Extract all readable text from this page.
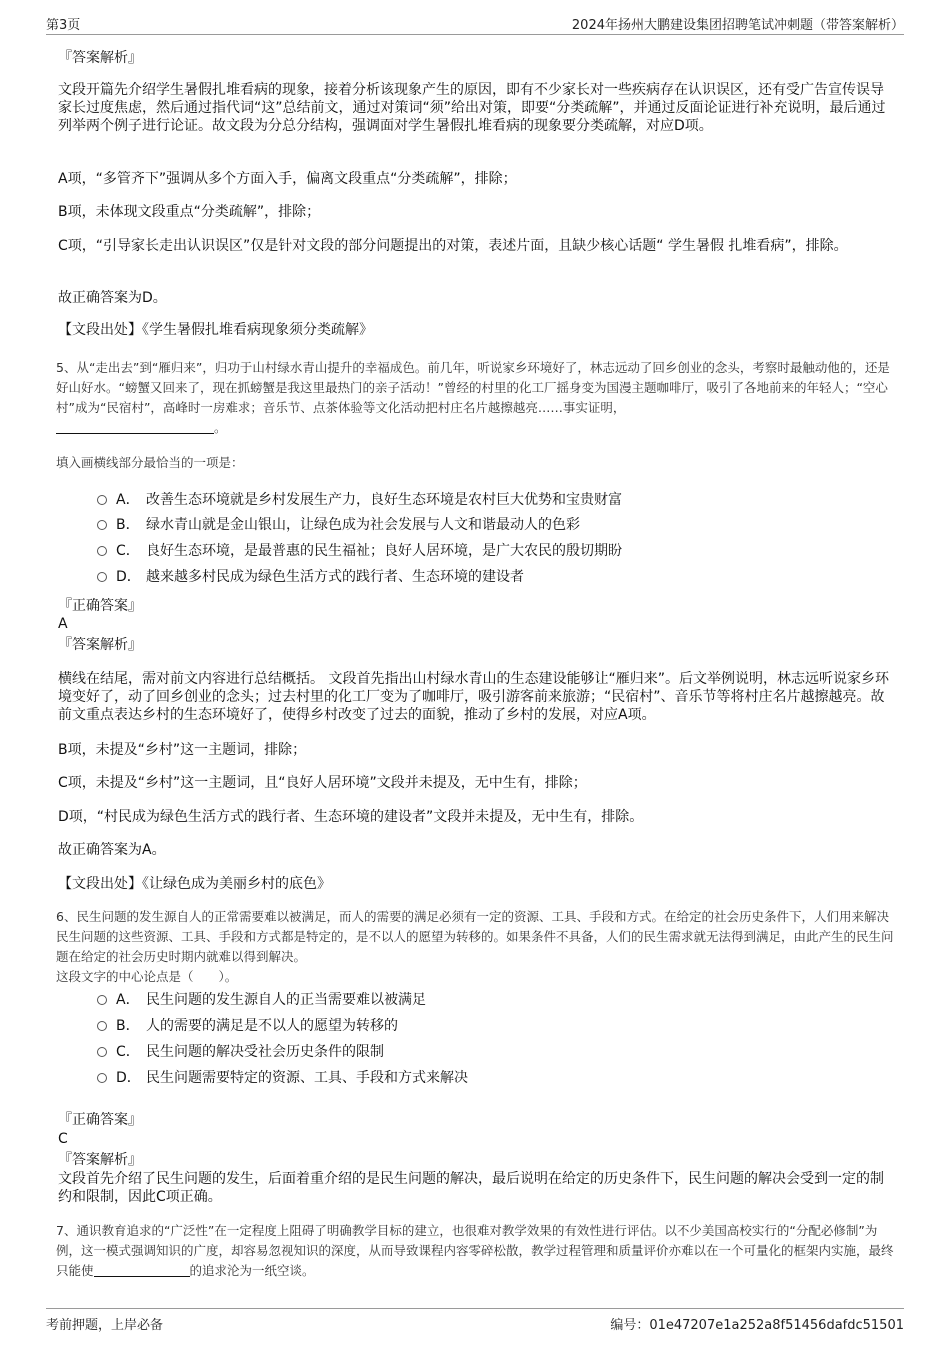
第3页	2024年扬州大鹏建设集团招聘笔试冲刺题（带答案解析）
『答案解析』
文段开篇先介绍学生暑假扎堆看病的现象，接着分析该现象产生的原因，即有不少家长对一些疾病存在认识误区，还有受广告宣传误导家长过度焦虑，然后通过指代词“这”总结前文，通过对策词“须”给出对策，即要“分类疏解”，并通过反面论证进行补充说明，最后通过列举两个例子进行论证。故文段为分总分结构，强调面对学生暑假扎堆看病的现象要分类疏解，对应D项。
A项，“多管齐下”强调从多个方面入手，偏离文段重点“分类疏解”，排除；
B项，未体现文段重点“分类疏解”，排除；
C项，“引导家长走出认识误区”仅是针对文段的部分问题提出的对策，表述片面，且缺少核心话题“ 学生暑假 扎堆看病”，排除。
故正确答案为D。
【文段出处】《学生暑假扎堆看病现象须分类疏解》
5、从“走出去”到“雁归来”，归功于山村绿水青山提升的幸福成色。前几年，听说家乡环境好了，林志远动了回乡创业的念头，考察时最触动他的，还是好山好水。“螃蟹又回来了，现在抓螃蟹是我这里最热门的亲子活动！”曾经的村里的化工厂摇身变为国漫主题咖啡厅，吸引了各地前来的年轻人；“空心村”成为“民宿村”，高峰时一房难求；音乐节、点茶体验等文化活动把村庄名片越擦越亮……事实证明，
。
填入画横线部分最恰当的一项是：
A． 改善生态环境就是乡村发展生产力，良好生态环境是农村巨大优势和宝贵财富
B． 绿水青山就是金山银山，让绿色成为社会发展与人文和谐最动人的色彩
C． 良好生态环境，是最普惠的民生福祉；良好人居环境，是广大农民的殷切期盼
D． 越来越多村民成为绿色生活方式的践行者、生态环境的建设者
『正确答案』
A
『答案解析』
横线在结尾，需对前文内容进行总结概括。 文段首先指出山村绿水青山的生态建设能够让“雁归来”。后文举例说明，林志远听说家乡环境变好了，动了回乡创业的念头；过去村里的化工厂变为了咖啡厅，吸引游客前来旅游；“民宿村”、音乐节等将村庄名片越擦越亮。故前文重点表达乡村的生态环境好了，使得乡村改变了过去的面貌，推动了乡村的发展，对应A项。
B项，未提及“乡村”这一主题词，排除；
C项，未提及“乡村”这一主题词，且“良好人居环境”文段并未提及，无中生有，排除；
D项，“村民成为绿色生活方式的践行者、生态环境的建设者”文段并未提及，无中生有，排除。
故正确答案为A。
【文段出处】《让绿色成为美丽乡村的底色》
6、民生问题的发生源自人的正常需要难以被满足，而人的需要的满足必须有一定的资源、工具、手段和方式。在给定的社会历史条件下，人们用来解决民生问题的这些资源、工具、手段和方式都是特定的，是不以人的愿望为转移的。如果条件不具备，人们的民生需求就无法得到满足，由此产生的民生问题在给定的社会历史时期内就难以得到解决。
这段文字的中心论点是（　　）。
A． 民生问题的发生源自人的正当需要难以被满足
B． 人的需要的满足是不以人的愿望为转移的
C． 民生问题的解决受社会历史条件的限制
D． 民生问题需要特定的资源、工具、手段和方式来解决
『正确答案』
C
『答案解析』
文段首先介绍了民生问题的发生，后面着重介绍的是民生问题的解决，最后说明在给定的历史条件下，民生问题的解决会受到一定的制约和限制，因此C项正确。
7、通识教育追求的“广泛性”在一定程度上阻碍了明确教学目标的建立，也很难对教学效果的有效性进行评估。以不少美国高校实行的“分配必修制”为例，这一模式强调知识的广度，却容易忽视知识的深度，从而导致课程内容零碎松散，教学过程管理和质量评价亦难以在一个可量化的框架内实施，最终只能使	的追求沦为一纸空谈。
考前押题，上岸必备	编号：01e47207e1a252a8f51456dafdc51501
